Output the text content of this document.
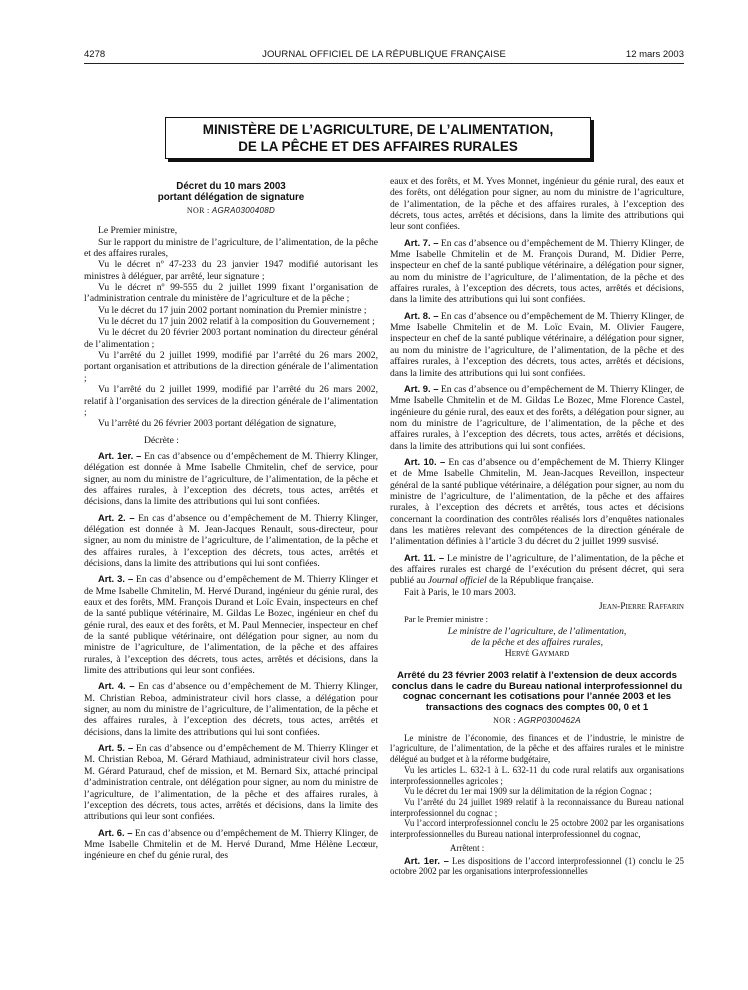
4278	JOURNAL OFFICIEL DE LA RÉPUBLIQUE FRANÇAISE	12 mars 2003
MINISTÈRE DE L’AGRICULTURE, DE L’ALIMENTATION,
DE LA PÊCHE ET DES AFFAIRES RURALES
Décret du 10 mars 2003
portant délégation de signature
NOR : AGRA0300408D

Le Premier ministre,

Sur le rapport du ministre de l’agriculture, de l’alimentation, de la pêche et des affaires rurales,

Vu le décret nº 47-233 du 23 janvier 1947 modifié autorisant les ministres à déléguer, par arrêté, leur signature ;

Vu le décret nº 99-555 du 2 juillet 1999 fixant l’organisation de l’administration centrale du ministère de l’agriculture et de la pêche ;

Vu le décret du 17 juin 2002 portant nomination du Premier ministre ;

Vu le décret du 17 juin 2002 relatif à la composition du Gouvernement ;

Vu le décret du 20 février 2003 portant nomination du directeur général de l’alimentation ;

Vu l’arrêté du 2 juillet 1999, modifié par l’arrêté du 26 mars 2002, portant organisation et attributions de la direction générale de l’alimentation ;

Vu l’arrêté du 2 juillet 1999, modifié par l’arrêté du 26 mars 2002, relatif à l’organisation des services de la direction générale de l’alimentation ;

Vu l’arrêté du 26 février 2003 portant délégation de signature,

Décrète :

Art. 1er. – En cas d’absence ou d’empêchement de M. Thierry Klinger, délégation est donnée à Mme Isabelle Chmitelin, chef de service, pour signer, au nom du ministre de l’agriculture, de l’alimentation, de la pêche et des affaires rurales, à l’exception des décrets, tous actes, arrêtés et décisions, dans la limite des attributions qui lui sont confiées.

Art. 2. – En cas d’absence ou d’empêchement de M. Thierry Klinger, délégation est donnée à M. Jean-Jacques Renault, sous-directeur, pour signer, au nom du ministre de l’agriculture, de l’alimentation, de la pêche et des affaires rurales, à l’exception des décrets, tous actes, arrêtés et décisions, dans la limite des attributions qui lui sont confiées.

Art. 3. – En cas d’absence ou d’empêchement de M. Thierry Klinger et de Mme Isabelle Chmitelin, M. Hervé Durand, ingénieur du génie rural, des eaux et des forêts, MM. François Durand et Loïc Evain, inspecteurs en chef de la santé publique vétérinaire, M. Gildas Le Bozec, ingénieur en chef du génie rural, des eaux et des forêts, et M. Paul Mennecier, inspecteur en chef de la santé publique vétérinaire, ont délégation pour signer, au nom du ministre de l’agriculture, de l’alimentation, de la pêche et des affaires rurales, à l’exception des décrets, tous actes, arrêtés et décisions, dans la limite des attributions qui leur sont confiées.

Art. 4. – En cas d’absence ou d’empêchement de M. Thierry Klinger, M. Christian Reboa, administrateur civil hors classe, a délégation pour signer, au nom du ministre de l’agriculture, de l’alimentation, de la pêche et des affaires rurales, à l’exception des décrets, tous actes, arrêtés et décisions, dans la limite des attributions qui lui sont confiées.

Art. 5. – En cas d’absence ou d’empêchement de M. Thierry Klinger et M. Christian Reboa, M. Gérard Mathiaud, administrateur civil hors classe, M. Gérard Paturaud, chef de mission, et M. Bernard Six, attaché principal d’administration centrale, ont délégation pour signer, au nom du ministre de l’agriculture, de l’alimentation, de la pêche et des affaires rurales, à l’exception des décrets, tous actes, arrêtés et décisions, dans la limite des attributions qui leur sont confiées.

Art. 6. – En cas d’absence ou d’empêchement de M. Thierry Klinger, de Mme Isabelle Chmitelin et de M. Hervé Durand, Mme Hélène Lecœur, ingénieure en chef du génie rural, des

eaux et des forêts, et M. Yves Monnet, ingénieur du génie rural, des eaux et des forêts, ont délégation pour signer, au nom du ministre de l’agriculture, de l’alimentation, de la pêche et des affaires rurales, à l’exception des décrets, tous actes, arrêtés et décisions, dans la limite des attributions qui leur sont confiées.

Art. 7. – En cas d’absence ou d’empêchement de M. Thierry Klinger, de Mme Isabelle Chmitelin et de M. François Durand, M. Didier Perre, inspecteur en chef de la santé publique vétérinaire, a délégation pour signer, au nom du ministre de l’agriculture, de l’alimentation, de la pêche et des affaires rurales, à l’exception des décrets, tous actes, arrêtés et décisions, dans la limite des attributions qui lui sont confiées.

Art. 8. – En cas d’absence ou d’empêchement de M. Thierry Klinger, de Mme Isabelle Chmitelin et de M. Loïc Evain, M. Olivier Faugere, inspecteur en chef de la santé publique vétérinaire, a délégation pour signer, au nom du ministre de l’agriculture, de l’alimentation, de la pêche et des affaires rurales, à l’exception des décrets, tous actes, arrêtés et décisions, dans la limite des attributions qui lui sont confiées.

Art. 9. – En cas d’absence ou d’empêchement de M. Thierry Klinger, de Mme Isabelle Chmitelin et de M. Gildas Le Bozec, Mme Florence Castel, ingénieure du génie rural, des eaux et des forêts, a délégation pour signer, au nom du ministre de l’agriculture, de l’alimentation, de la pêche et des affaires rurales, à l’exception des décrets, tous actes, arrêtés et décisions, dans la limite des attributions qui lui sont confiées.

Art. 10. – En cas d’absence ou d’empêchement de M. Thierry Klinger et de Mme Isabelle Chmitelin, M. Jean-Jacques Reveillon, inspecteur général de la santé publique vétérinaire, a délégation pour signer, au nom du ministre de l’agriculture, de l’alimentation, de la pêche et des affaires rurales, à l’exception des décrets et arrêtés, tous actes et décisions concernant la coordination des contrôles réalisés lors d’enquêtes nationales dans les matières relevant des compétences de la direction générale de l’alimentation définies à l’article 3 du décret du 2 juillet 1999 susvisé.

Art. 11. – Le ministre de l’agriculture, de l’alimentation, de la pêche et des affaires rurales est chargé de l’exécution du présent décret, qui sera publié au Journal officiel de la République française.

Fait à Paris, le 10 mars 2003.

Jean-Pierre Raffarin
Par le Premier ministre :
Le ministre de l’agriculture, de l’alimentation,
de la pêche et des affaires rurales,
Hervé Gaymard
Arrêté du 23 février 2003 relatif à l’extension de deux accords conclus dans le cadre du Bureau national interprofessionnel du cognac concernant les cotisations pour l’année 2003 et les transactions des cognacs des comptes 00, 0 et 1
NOR : AGRP0300462A

Le ministre de l’économie, des finances et de l’industrie, le ministre de l’agriculture, de l’alimentation, de la pêche et des affaires rurales et le ministre délégué au budget et à la réforme budgétaire,

Vu les articles L. 632-1 à L. 632-11 du code rural relatifs aux organisations interprofessionnelles agricoles ;

Vu le décret du 1er mai 1909 sur la délimitation de la région Cognac ;

Vu l’arrêté du 24 juillet 1989 relatif à la reconnaissance du Bureau national interprofessionnel du cognac ;

Vu l’accord interprofessionnel conclu le 25 octobre 2002 par les organisations interprofessionnelles du Bureau national interprofessionnel du cognac,

Arrêtent :

Art. 1er. – Les dispositions de l’accord interprofessionnel (1) conclu le 25 octobre 2002 par les organisations interprofessionnelles
